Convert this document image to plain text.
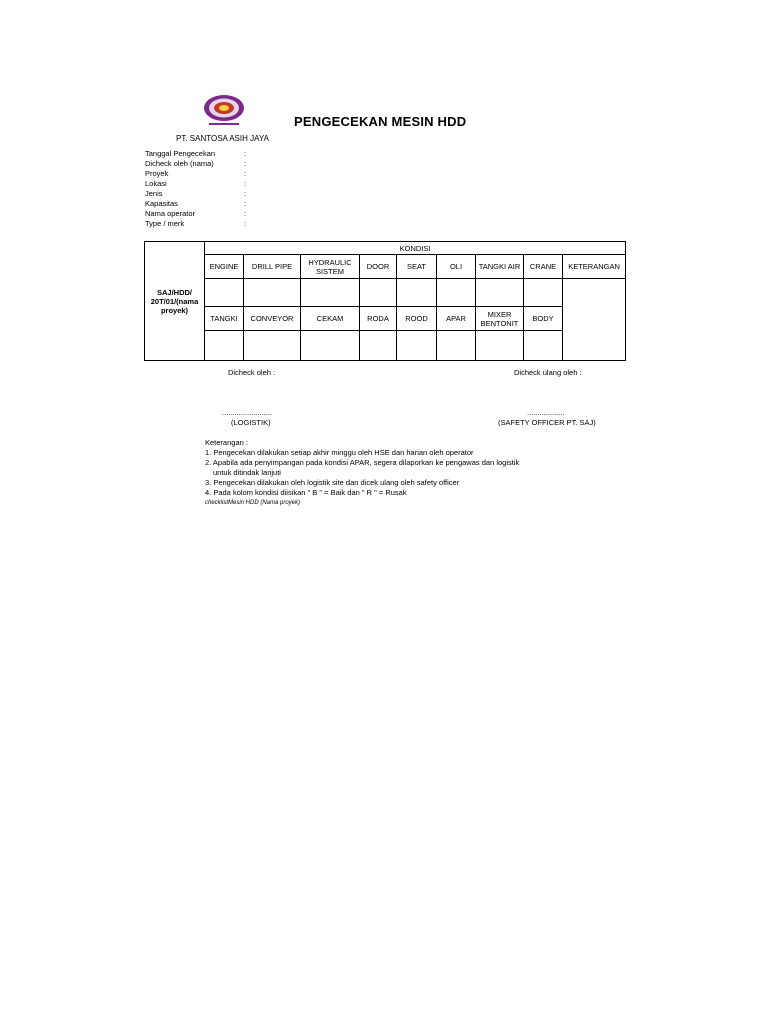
PENGECEKAN MESIN HDD
PT. SANTOSA ASIH JAYA
Tanggal Pengecekan	:
Dicheck oleh (nama)	:
Proyek	:
Lokasi	:
Jenis	:
Kapasitas	:
Nama operator	:
Type / merk	:
SAJ/HDD/ 20T/01/(nama proyek)	KONDISI								
	ENGINE	DRILL PIPE	HYDRAULIC SISTEM	DOOR	SEAT	OLI	TANGKI AIR	CRANE	KETERANGAN

	TANGKI	CONVEYOR	CEKAM	RODA	ROOD	APAR	MIXER BENTONIT	BODY	

Dicheck oleh :	Dicheck ulang oleh :
........................	..................
(LOGISTIK)	(SAFETY OFFICER PT. SAJ)
Keterangan :
1. Pengecekan dilakukan setiap akhir minggu oleh HSE dan harian oleh operator
2. Apabila ada penyimpangan pada kondisi APAR, segera dilaporkan ke pengawas dan logistik
untuk ditindak lanjuti
3. Pengecekan dilakukan oleh logistik site dan dicek ulang oleh safety officer
4. Pada kolom kondisi diisikan " B " = Baik dan " R " = Rusak
checklistMesin HDD (Nama proyek)
